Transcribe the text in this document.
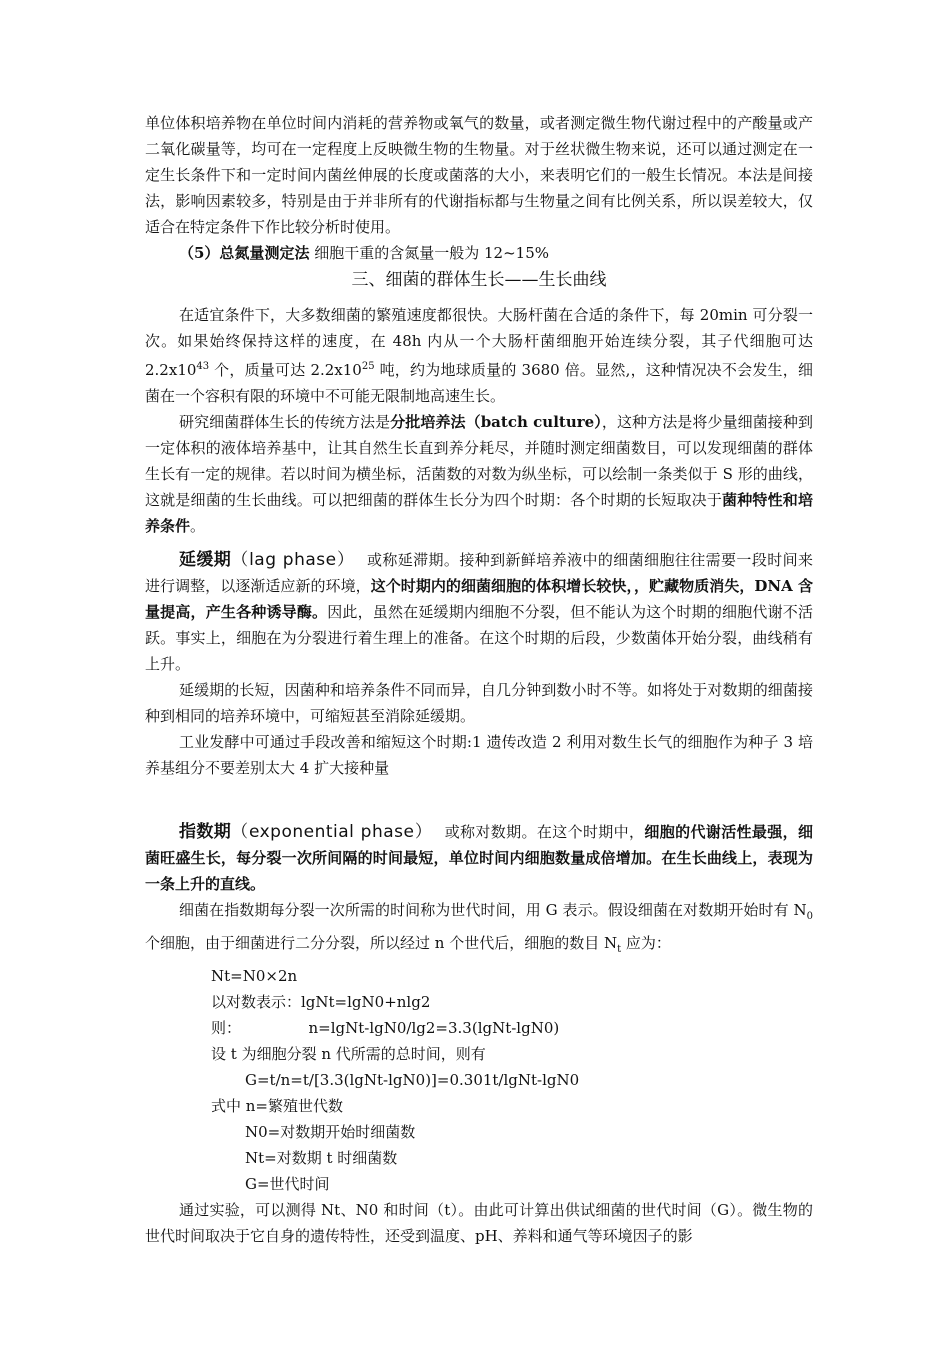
单位体积培养物在单位时间内消耗的营养物或氧气的数量，或者测定微生物代谢过程中的产酸量或产二氧化碳量等，均可在一定程度上反映微生物的生物量。对于丝状微生物来说，还可以通过测定在一定生长条件下和一定时间内菌丝伸展的长度或菌落的大小，来表明它们的一般生长情况。本法是间接法，影响因素较多，特别是由于并非所有的代谢指标都与生物量之间有比例关系，所以误差较大，仅适合在特定条件下作比较分析时使用。

（5）总氮量测定法 细胞干重的含氮量一般为 12~15%

三、细菌的群体生长——生长曲线

在适宜条件下，大多数细菌的繁殖速度都很快。大肠杆菌在合适的条件下，每 20min 可分裂一次。如果始终保持这样的速度，在 48h 内从一个大肠杆菌细胞开始连续分裂，其子代细胞可达 $2.2x10^{43}$ 个，质量可达 $2.2x10^{25}$ 吨，约为地球质量的 3680 倍。显然,，这种情况决不会发生，细菌在一个容积有限的环境中不可能无限制地高速生长。

研究细菌群体生长的传统方法是分批培养法（batch culture），这种方法是将少量细菌接种到一定体积的液体培养基中，让其自然生长直到养分耗尽，并随时测定细菌数目，可以发现细菌的群体生长有一定的规律。若以时间为横坐标，活菌数的对数为纵坐标，可以绘制一条类似于 S 形的曲线，这就是细菌的生长曲线。可以把细菌的群体生长分为四个时期：各个时期的长短取决于菌种特性和培养条件。

延缓期（lag phase）　 或称延滞期。接种到新鲜培养液中的细菌细胞往往需要一段时间来进行调整，以逐渐适应新的环境，这个时期内的细菌细胞的体积增长较快，，贮藏物质消失，DNA 含量提高，产生各种诱导酶。因此，虽然在延缓期内细胞不分裂，但不能认为这个时期的细胞代谢不活跃。事实上，细胞在为分裂进行着生理上的准备。在这个时期的后段，少数菌体开始分裂，曲线稍有上升。

延缓期的长短，因菌种和培养条件不同而异，自几分钟到数小时不等。如将处于对数期的细菌接种到相同的培养环境中，可缩短甚至消除延缓期。

工业发酵中可通过手段改善和缩短这个时期:1 遗传改造 2 利用对数生长气的细胞作为种子 3 培养基组分不要差别太大 4 扩大接种量

指数期（exponential phase）　 或称对数期。在这个时期中，细胞的代谢活性最强，细菌旺盛生长，每分裂一次所间隔的时间最短，单位时间内细胞数量成倍增加。在生长曲线上，表现为一条上升的直线。

细菌在指数期每分裂一次所需的时间称为世代时间，用 G 表示。假设细菌在对数期开始时有 $N_0$ 个细胞，由于细菌进行二分分裂，所以经过 n 个世代后，细胞的数目 $N_t$ 应为：

Nt=N0×2n

以对数表示：lgNt=lgN0+nlg2

则：　　　　　n=lgNt-lgN0/lg2=3.3(lgNt-lgN0)

设 t 为细胞分裂 n 代所需的总时间，则有

G=t/n=t/[3.3(lgNt-lgN0)]=0.301t/lgNt-lgN0

式中 n=繁殖世代数

N0=对数期开始时细菌数

Nt=对数期 t 时细菌数

G=世代时间

通过实验，可以测得 Nt、N0 和时间（t）。由此可计算出供试细菌的世代时间（G）。微生物的世代时间取决于它自身的遗传特性，还受到温度、pH、养料和通气等环境因子的影
